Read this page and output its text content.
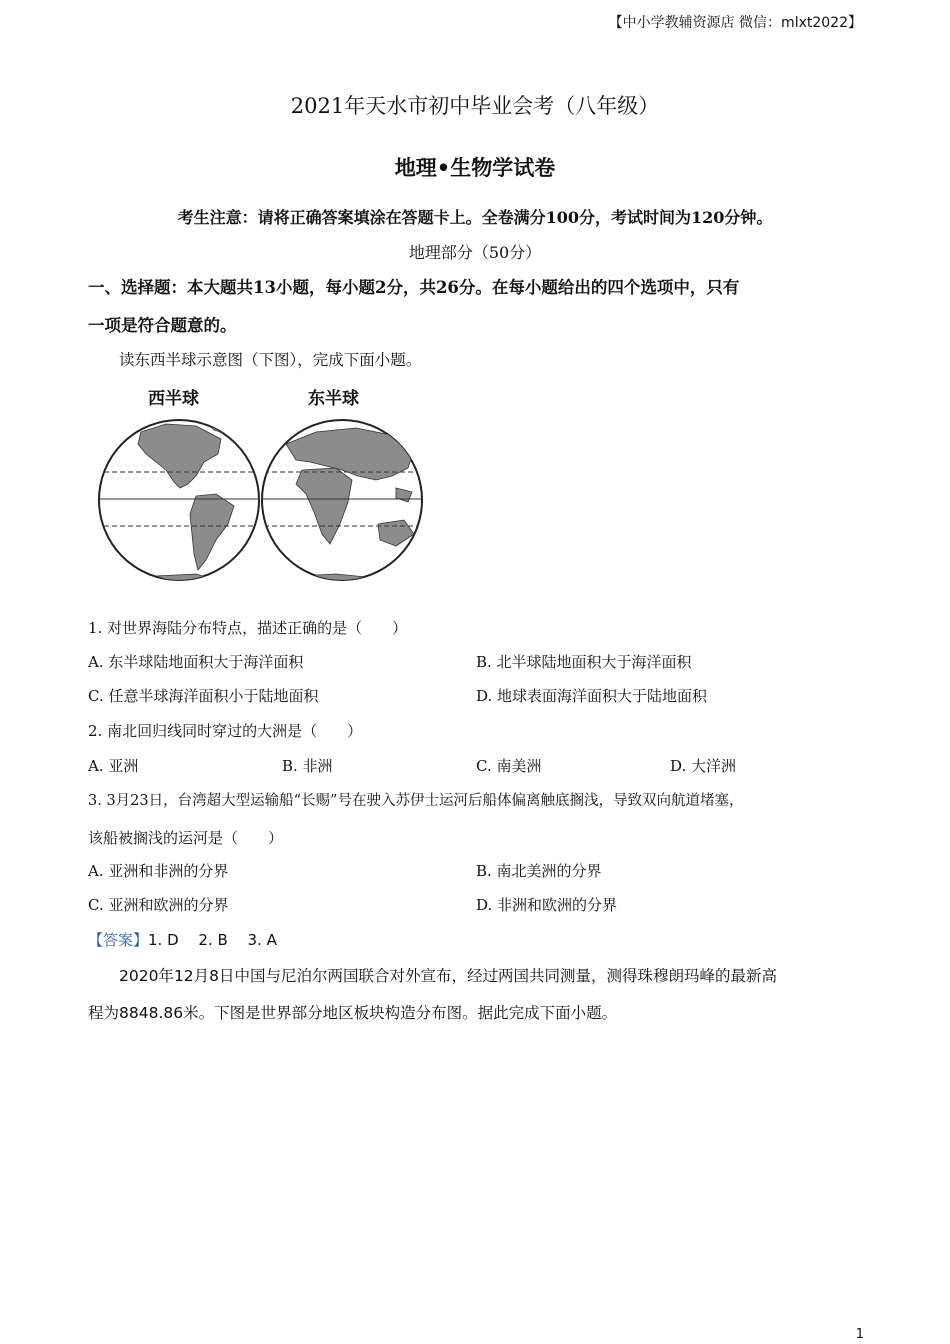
【中小学教辅资源店 微信：mlxt2022】
2021年天水市初中毕业会考（八年级）
地理•生物学试卷
考生注意：请将正确答案填涂在答题卡上。全卷满分100分，考试时间为120分钟。
地理部分（50分）
一、选择题：本大题共13小题，每小题2分，共26分。在每小题给出的四个选项中，只有
一项是符合题意的。
读东西半球示意图（下图），完成下面小题。
西半球	东半球
1. 对世界海陆分布特点，描述正确的是（　　）
A. 东半球陆地面积大于海洋面积	B. 北半球陆地面积大于海洋面积
C. 任意半球海洋面积小于陆地面积	D. 地球表面海洋面积大于陆地面积
2. 南北回归线同时穿过的大洲是（　　）
A. 亚洲	B. 非洲	C. 南美洲	D. 大洋洲
3. 3月23日，台湾超大型运输船“长赐”号在驶入苏伊士运河后船体偏离触底搁浅，导致双向航道堵塞，
该船被搁浅的运河是（　　）
A. 亚洲和非洲的分界	B. 南北美洲的分界
C. 亚洲和欧洲的分界	D. 非洲和欧洲的分界
【答案】1. D　 2. B　 3. A
2020年12月8日中国与尼泊尔两国联合对外宣布，经过两国共同测量，测得珠穆朗玛峰的最新高
程为8848.86米。下图是世界部分地区板块构造分布图。据此完成下面小题。
1
